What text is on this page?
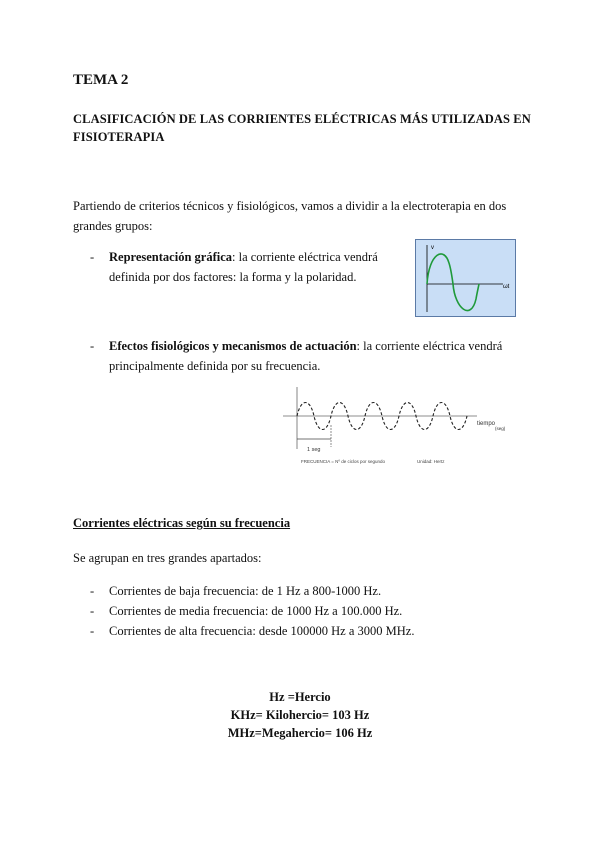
TEMA 2
CLASIFICACIÓN DE LAS CORRIENTES ELÉCTRICAS MÁS UTILIZADAS EN FISIOTERAPIA
Partiendo de criterios técnicos y fisiológicos, vamos a dividir a la electroterapia en dos grandes grupos:
- Representación gráfica: la corriente eléctrica vendrá definida por dos factores: la forma y la polaridad.
v
ωt
- Efectos fisiológicos y mecanismos de actuación: la corriente eléctrica vendrá principalmente definida por su frecuencia.
1 seg
tiempo
(seg)
FRECUENCIA = Nº de ciclos por segundo	Unidad: Hertz
Corrientes eléctricas según su frecuencia
Se agrupan en tres grandes apartados:
- Corrientes de baja frecuencia: de 1 Hz a 800-1000 Hz.
- Corrientes de media frecuencia: de 1000 Hz a 100.000 Hz.
- Corrientes de alta frecuencia: desde 100000 Hz a 3000 MHz.
Hz =Hercio
KHz= Kilohercio= 103 Hz
MHz=Megahercio= 106 Hz
